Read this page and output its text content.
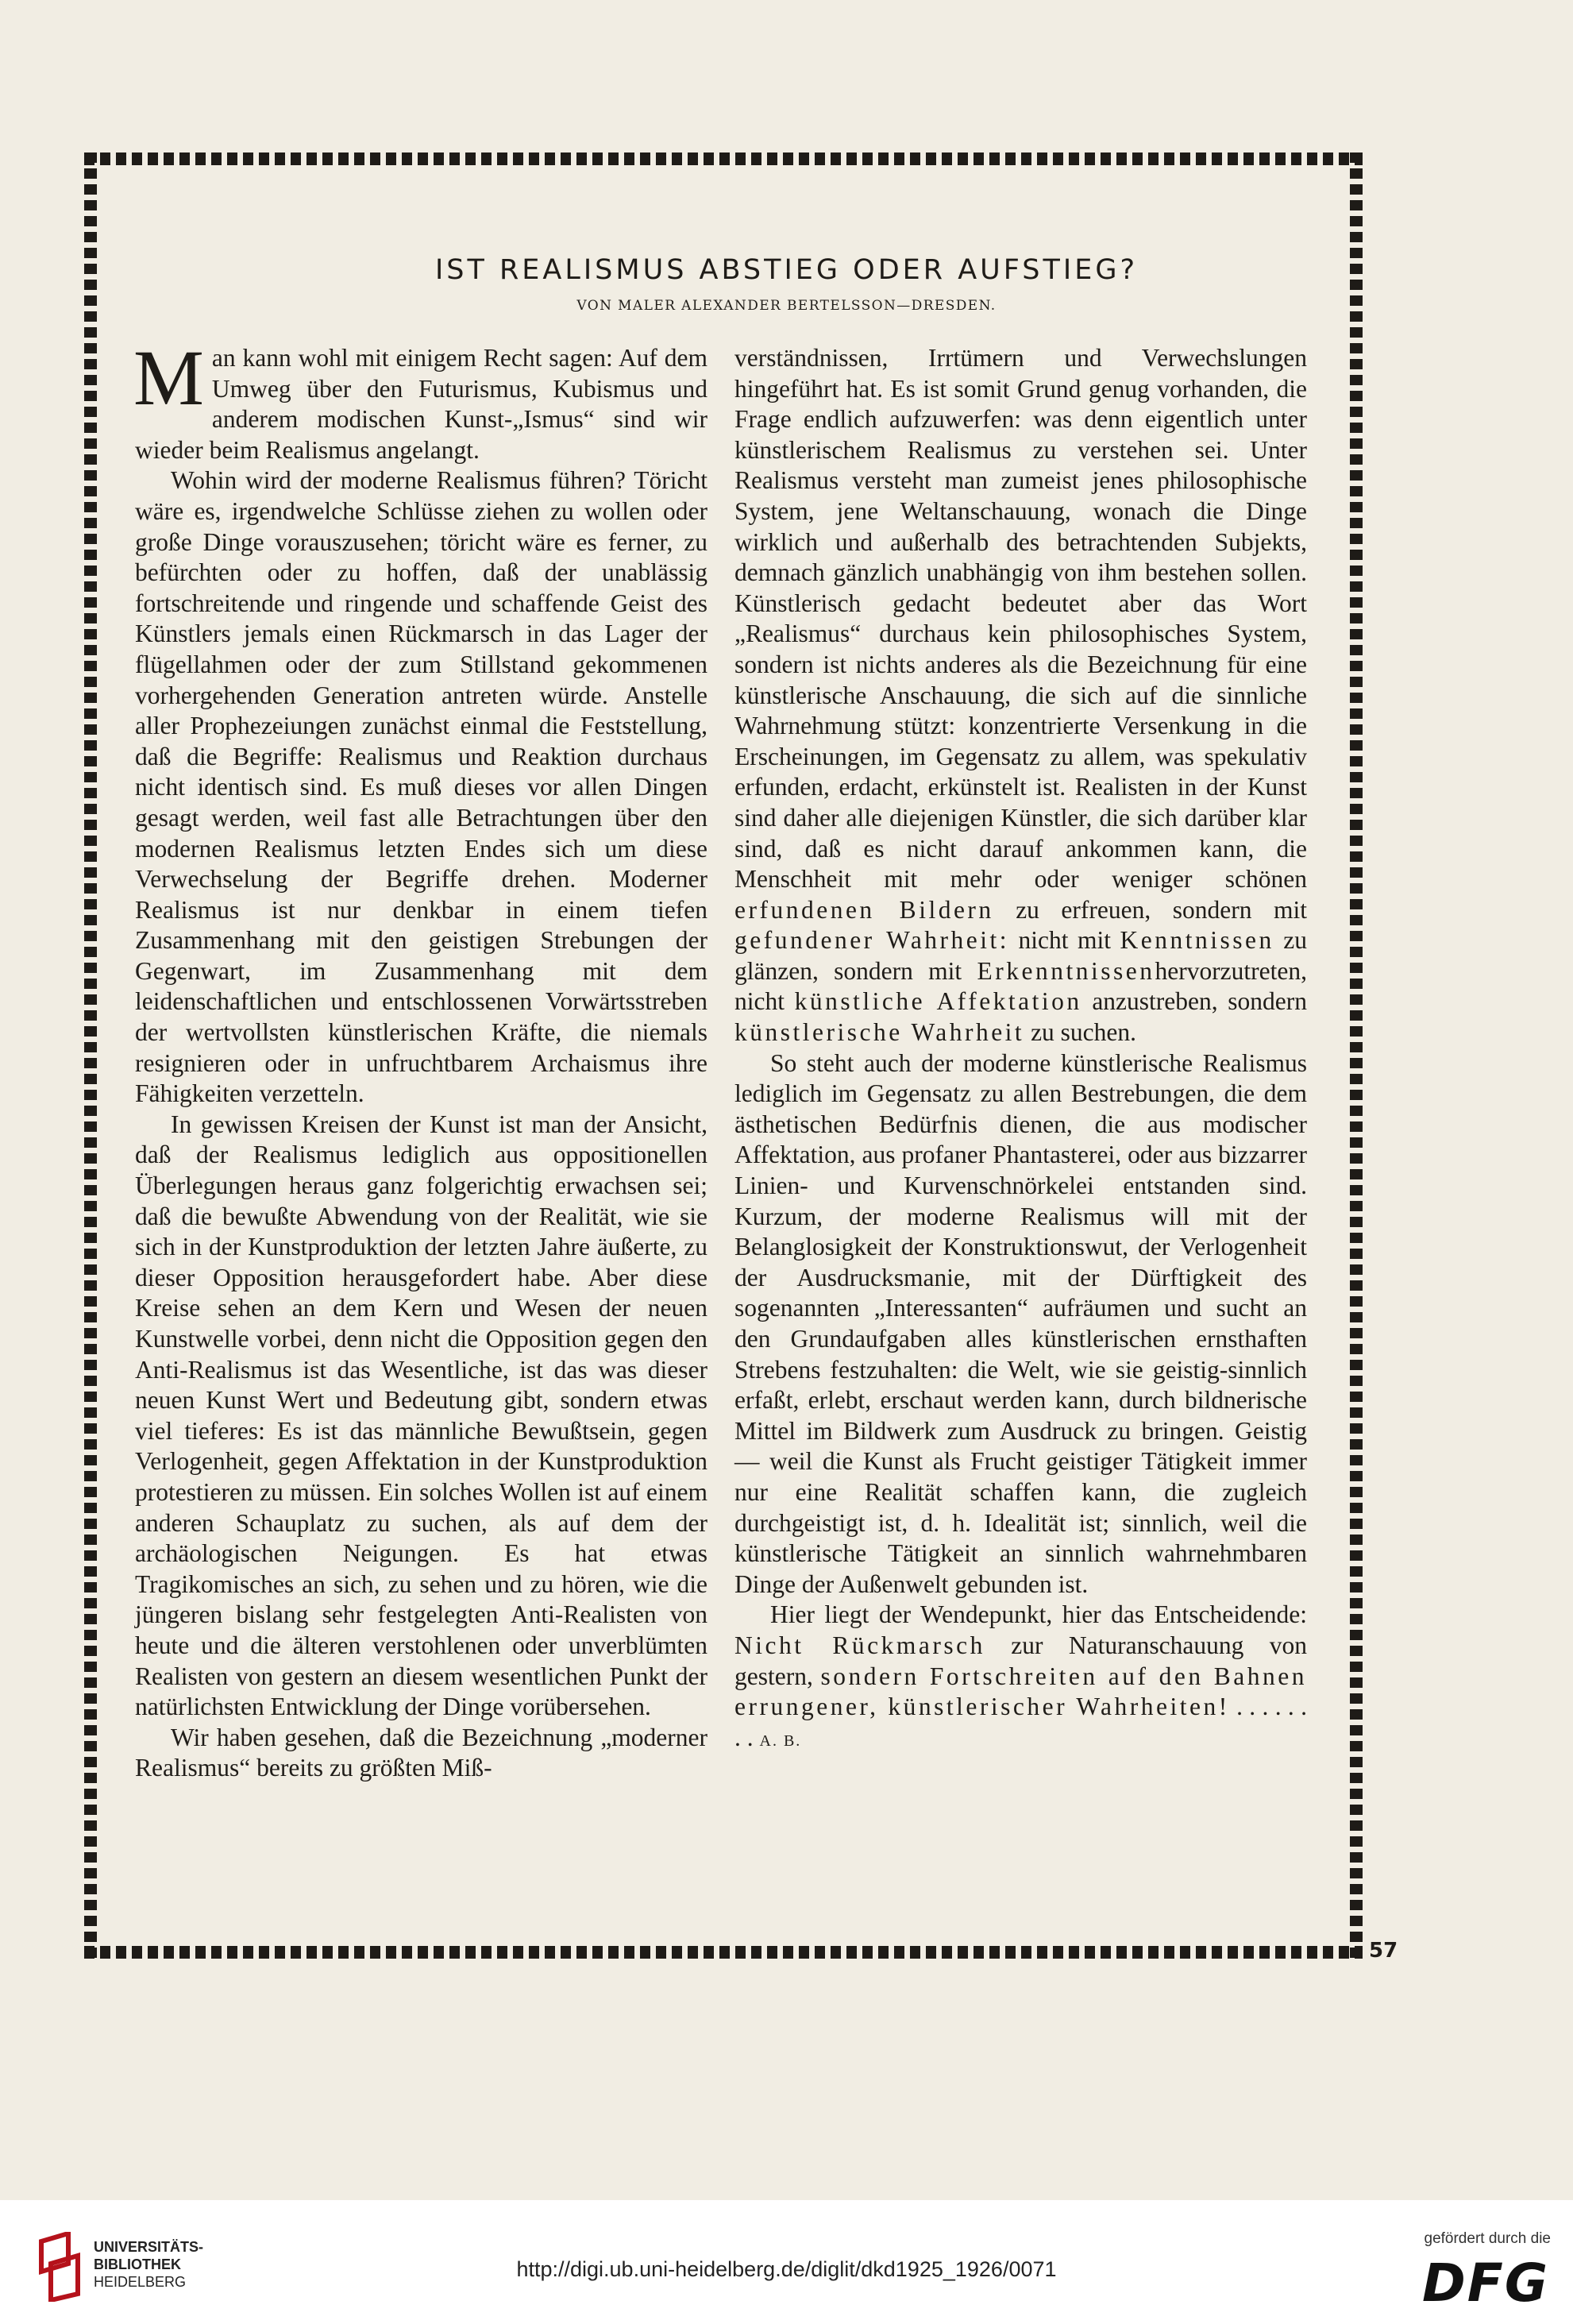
IST REALISMUS ABSTIEG ODER AUFSTIEG?

VON MALER ALEXANDER BERTELSSON—DRESDEN.

Man kann wohl mit einigem Recht sagen: Auf dem Umweg über den Futurismus, Kubismus und anderem modischen Kunst-„Ismus“ sind wir wieder beim Realismus angelangt.

Wohin wird der moderne Realismus führen? Töricht wäre es, irgendwelche Schlüsse ziehen zu wollen oder große Dinge vorauszusehen; töricht wäre es ferner, zu befürchten oder zu hoffen, daß der unablässig fortschreitende und ringende und schaffende Geist des Künstlers jemals einen Rückmarsch in das Lager der flügellahmen oder der zum Stillstand gekommenen vorhergehenden Generation antreten würde. Anstelle aller Prophezeiungen zunächst einmal die Feststellung, daß die Begriffe: Realismus und Reaktion durchaus nicht identisch sind. Es muß dieses vor allen Dingen gesagt werden, weil fast alle Betrachtungen über den modernen Realismus letzten Endes sich um diese Verwechselung der Begriffe drehen. Moderner Realismus ist nur denkbar in einem tiefen Zusammenhang mit den geistigen Strebungen der Gegenwart, im Zusammenhang mit dem leidenschaftlichen und entschlossenen Vorwärtsstreben der wertvollsten künstlerischen Kräfte, die niemals resignieren oder in unfruchtbarem Archaismus ihre Fähigkeiten verzetteln.

In gewissen Kreisen der Kunst ist man der Ansicht, daß der Realismus lediglich aus oppositionellen Überlegungen heraus ganz folgerichtig erwachsen sei; daß die bewußte Abwendung von der Realität, wie sie sich in der Kunstproduktion der letzten Jahre äußerte, zu dieser Opposition herausgefordert habe. Aber diese Kreise sehen an dem Kern und Wesen der neuen Kunstwelle vorbei, denn nicht die Opposition gegen den Anti-Realismus ist das Wesentliche, ist das was dieser neuen Kunst Wert und Bedeutung gibt, sondern etwas viel tieferes: Es ist das männliche Bewußtsein, gegen Verlogenheit, gegen Affektation in der Kunstproduktion protestieren zu müssen. Ein solches Wollen ist auf einem anderen Schauplatz zu suchen, als auf dem der archäologischen Neigungen. Es hat etwas Tragikomisches an sich, zu sehen und zu hören, wie die jüngeren bislang sehr festgelegten Anti-Realisten von heute und die älteren verstohlenen oder unverblümten Realisten von gestern an diesem wesentlichen Punkt der natürlichsten Entwicklung der Dinge vorübersehen.

Wir haben gesehen, daß die Bezeichnung „moderner Realismus“ bereits zu größten Miß-

verständnissen, Irrtümern und Verwechslungen hingeführt hat. Es ist somit Grund genug vorhanden, die Frage endlich aufzuwerfen: was denn eigentlich unter künstlerischem Realismus zu verstehen sei. Unter Realismus versteht man zumeist jenes philosophische System, jene Weltanschauung, wonach die Dinge wirklich und außerhalb des betrachtenden Subjekts, demnach gänzlich unabhängig von ihm bestehen sollen. Künstlerisch gedacht bedeutet aber das Wort „Realismus“ durchaus kein philosophisches System, sondern ist nichts anderes als die Bezeichnung für eine künstlerische Anschauung, die sich auf die sinnliche Wahrnehmung stützt: konzentrierte Versenkung in die Erscheinungen, im Gegensatz zu allem, was spekulativ erfunden, erdacht, erkünstelt ist. Realisten in der Kunst sind daher alle diejenigen Künstler, die sich darüber klar sind, daß es nicht darauf ankommen kann, die Menschheit mit mehr oder weniger schönen erfundenen Bildern zu erfreuen, sondern mit gefundener Wahrheit: nicht mit Kenntnissen zu glänzen, sondern mit Erkenntnissenhervorzutreten, nicht künstliche Affektation anzustreben, sondern künstlerische Wahrheit zu suchen.

So steht auch der moderne künstlerische Realismus lediglich im Gegensatz zu allen Bestrebungen, die dem ästhetischen Bedürfnis dienen, die aus modischer Affektation, aus profaner Phantasterei, oder aus bizzarrer Linien- und Kurvenschnörkelei entstanden sind. Kurzum, der moderne Realismus will mit der Belanglosigkeit der Konstruktionswut, der Verlogenheit der Ausdrucksmanie, mit der Dürftigkeit des sogenannten „Interessanten“ aufräumen und sucht an den Grundaufgaben alles künstlerischen ernsthaften Strebens festzuhalten: die Welt, wie sie geistig-sinnlich erfaßt, erlebt, erschaut werden kann, durch bildnerische Mittel im Bildwerk zum Ausdruck zu bringen. Geistig — weil die Kunst als Frucht geistiger Tätigkeit immer nur eine Realität schaffen kann, die zugleich durchgeistigt ist, d. h. Idealität ist; sinnlich, weil die künstlerische Tätigkeit an sinnlich wahrnehmbaren Dinge der Außenwelt gebunden ist.

Hier liegt der Wendepunkt, hier das Entscheidende: Nicht Rückmarsch zur Naturanschauung von gestern, sondern Fortschreiten auf den Bahnen errungener, künstlerischer Wahrheiten! . . . . . . . . A. B.

57
UNIVERSITÄTS-
BIBLIOTHEK
HEIDELBERG
http://digi.ub.uni-heidelberg.de/diglit/dkd1925_1926/0071
gefördert durch die
DFG
